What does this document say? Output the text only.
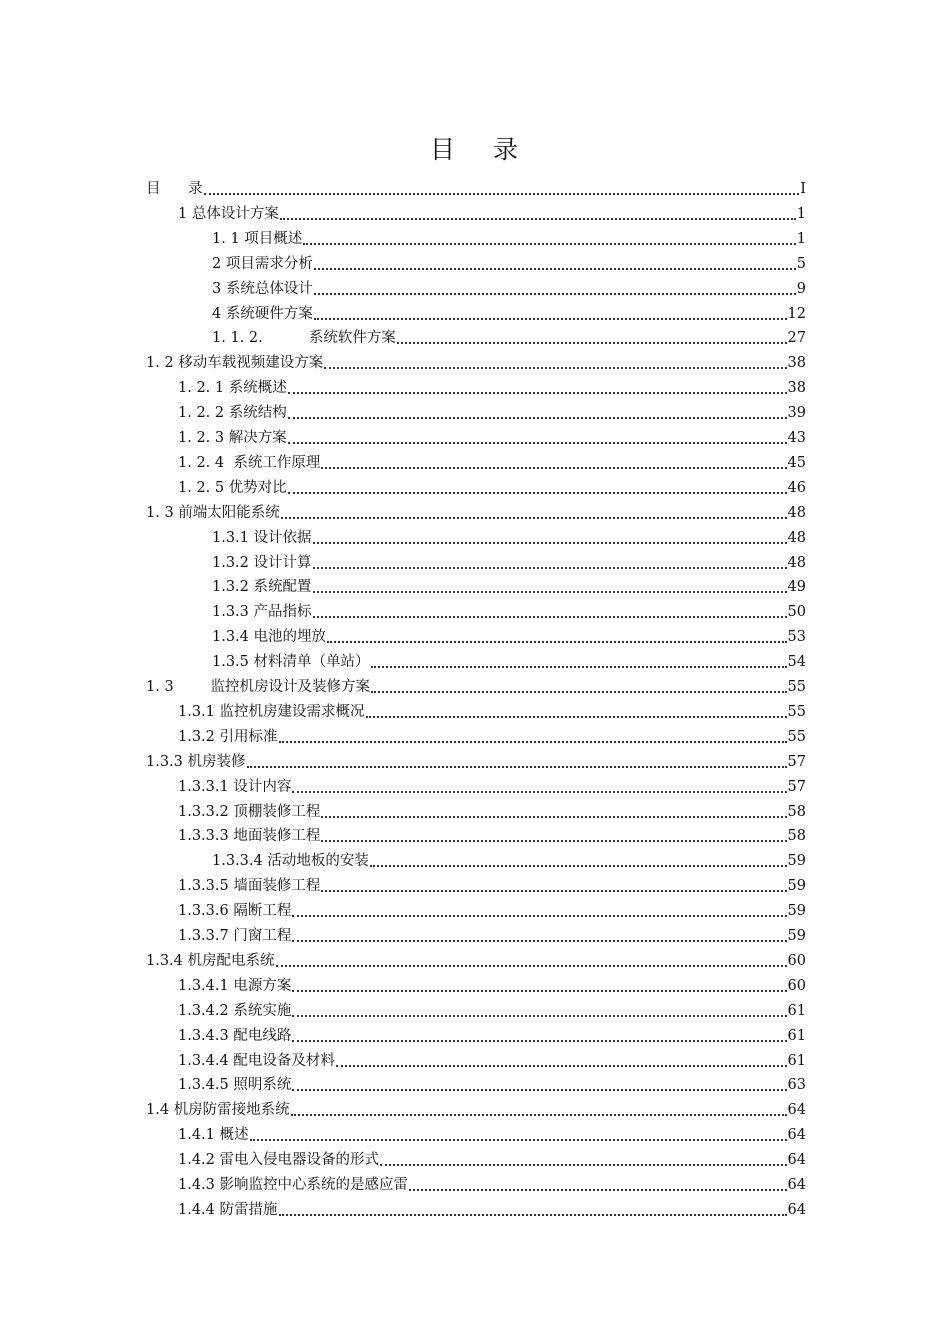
目 录
目      录	I
1 总体设计方案	1
1. 1 项目概述	1
2 项目需求分析	5
3 系统总体设计	9
4 系统硬件方案	12
1. 1. 2.          系统软件方案	27
1. 2 移动车载视频建设方案	38
1. 2. 1 系统概述	38
1. 2. 2 系统结构	39
1. 2. 3 解决方案	43
1. 2. 4  系统工作原理	45
1. 2. 5 优势对比	46
1. 3 前端太阳能系统	48
1.3.1 设计依据	48
1.3.2 设计计算	48
1.3.2 系统配置	49
1.3.3 产品指标	50
1.3.4 电池的埋放	53
1.3.5 材料清单（单站）	54
1. 3        监控机房设计及装修方案	55
1.3.1 监控机房建设需求概况	55
1.3.2 引用标准	55
1.3.3 机房装修	57
1.3.3.1 设计内容	57
1.3.3.2 顶棚装修工程	58
1.3.3.3 地面装修工程	58
1.3.3.4 活动地板的安装	59
1.3.3.5 墙面装修工程	59
1.3.3.6 隔断工程	59
1.3.3.7 门窗工程	59
1.3.4 机房配电系统	60
1.3.4.1 电源方案	60
1.3.4.2 系统实施	61
1.3.4.3 配电线路	61
1.3.4.4 配电设备及材料	61
1.3.4.5 照明系统	63
1.4 机房防雷接地系统	64
1.4.1 概述	64
1.4.2 雷电入侵电器设备的形式	64
1.4.3 影响监控中心系统的是感应雷	64
1.4.4 防雷措施	64
